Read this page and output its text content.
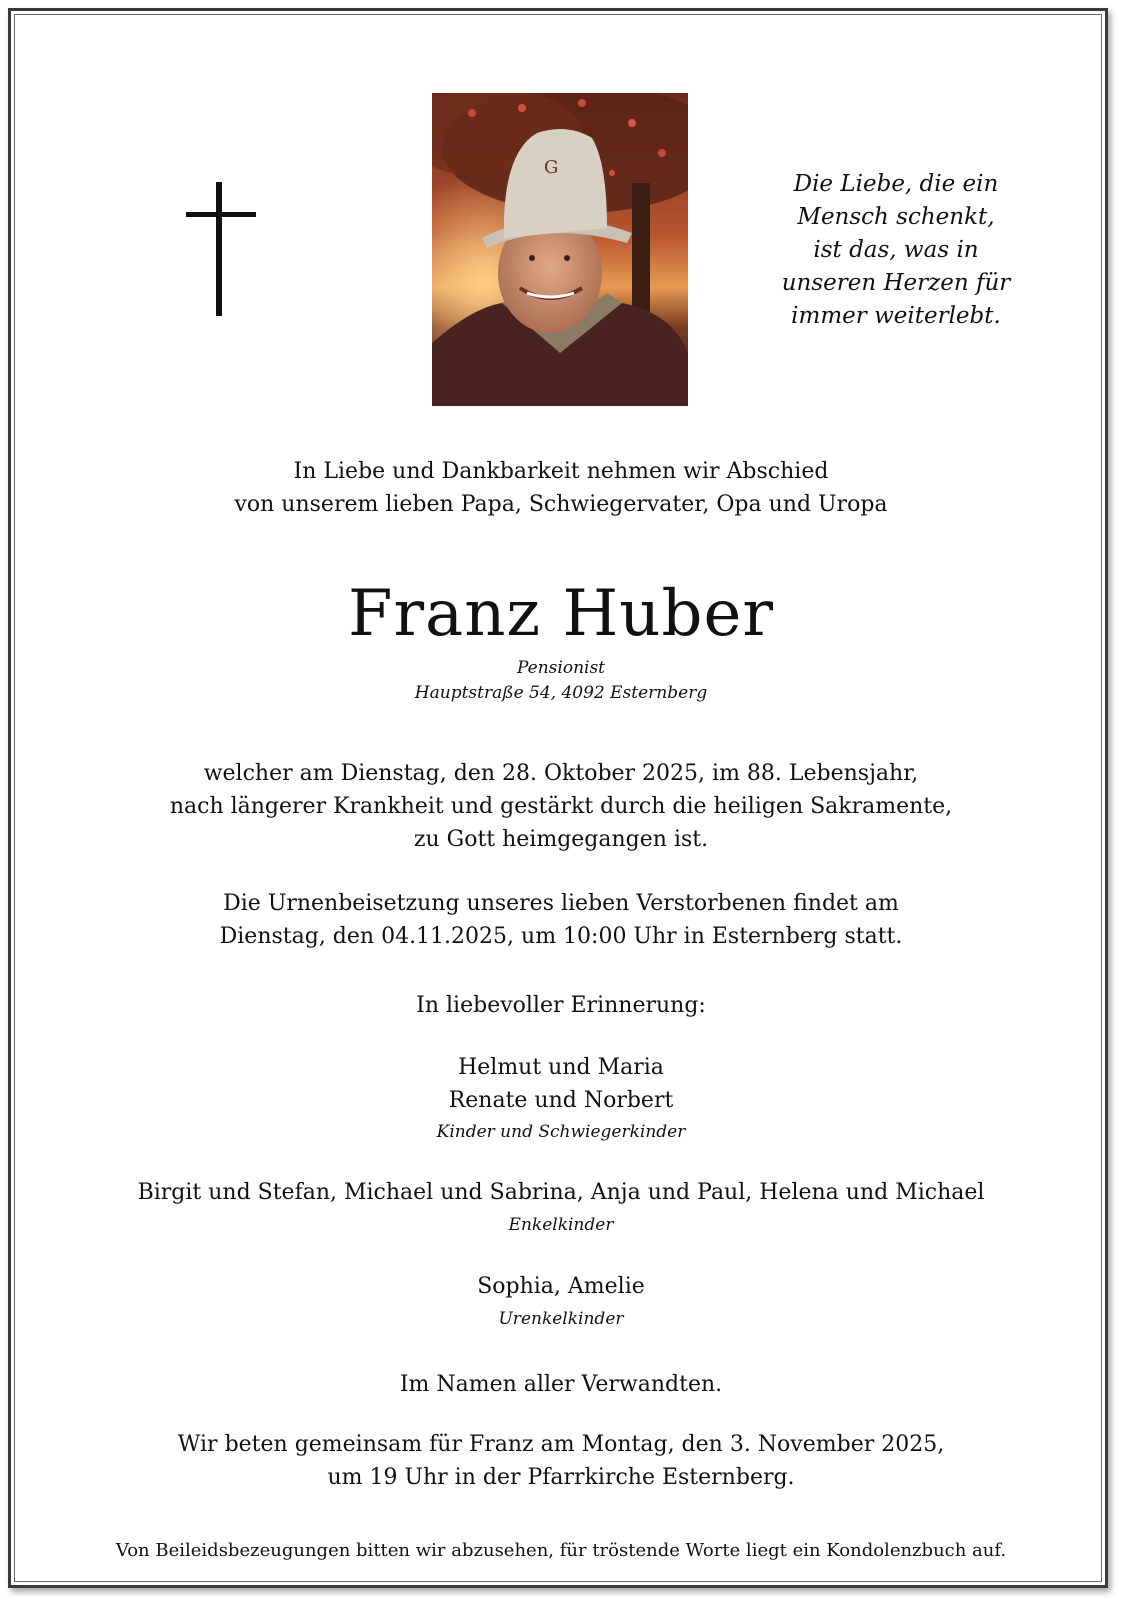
G
Die Liebe, die ein
Mensch schenkt,
ist das, was in
unseren Herzen für
immer weiterlebt.
In Liebe und Dankbarkeit nehmen wir Abschied
von unserem lieben Papa, Schwiegervater, Opa und Uropa
Franz Huber
Pensionist
Hauptstraße 54, 4092 Esternberg
welcher am Dienstag, den 28. Oktober 2025, im 88. Lebensjahr,
nach längerer Krankheit und gestärkt durch die heiligen Sakramente,
zu Gott heimgegangen ist.
Die Urnenbeisetzung unseres lieben Verstorbenen findet am
Dienstag, den 04.11.2025, um 10:00 Uhr in Esternberg statt.
In liebevoller Erinnerung:
Helmut und Maria
Renate und Norbert
Kinder und Schwiegerkinder
Birgit und Stefan, Michael und Sabrina, Anja und Paul, Helena und Michael
Enkelkinder
Sophia, Amelie
Urenkelkinder
Im Namen aller Verwandten.
Wir beten gemeinsam für Franz am Montag, den 3. November 2025,
um 19 Uhr in der Pfarrkirche Esternberg.
Von Beileidsbezeugungen bitten wir abzusehen, für tröstende Worte liegt ein Kondolenzbuch auf.
